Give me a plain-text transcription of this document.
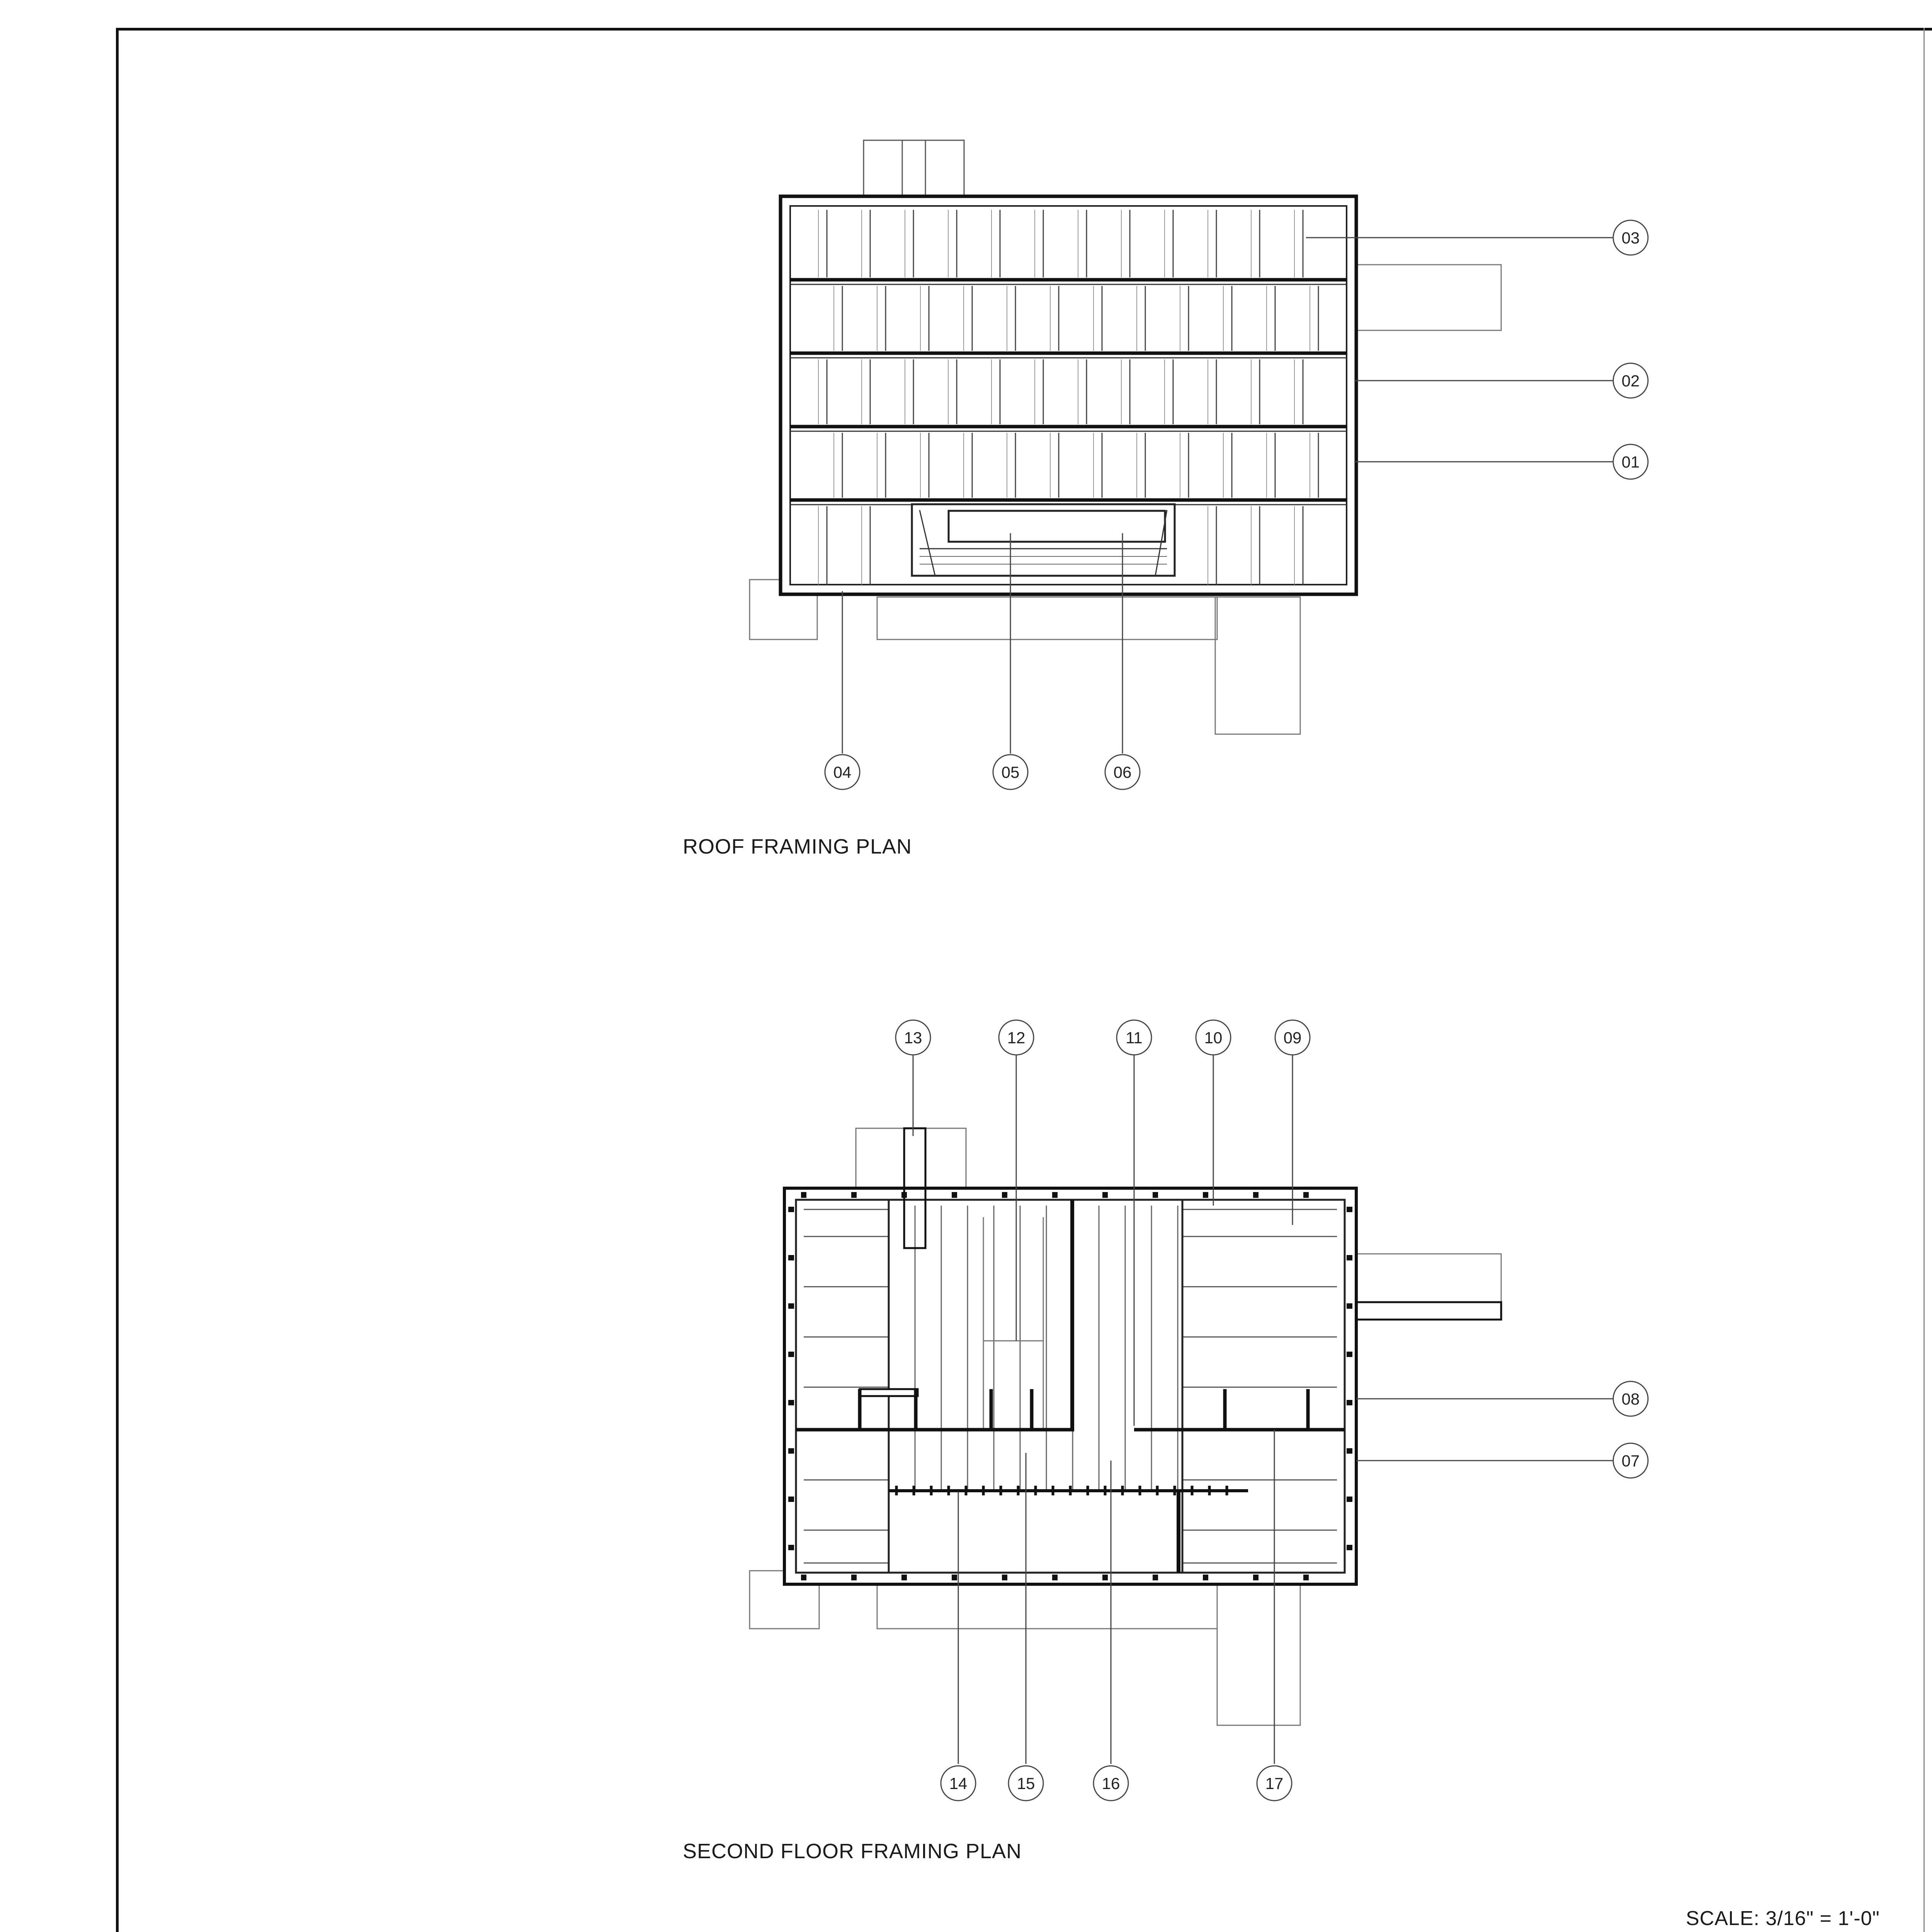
03
02
01
04	05	06
13	12	11	10	09
08
07
14	15	16	17
ROOF FRAMING PLAN
SECOND FLOOR FRAMING PLAN
SCALE: 3/16" = 1'-0"
